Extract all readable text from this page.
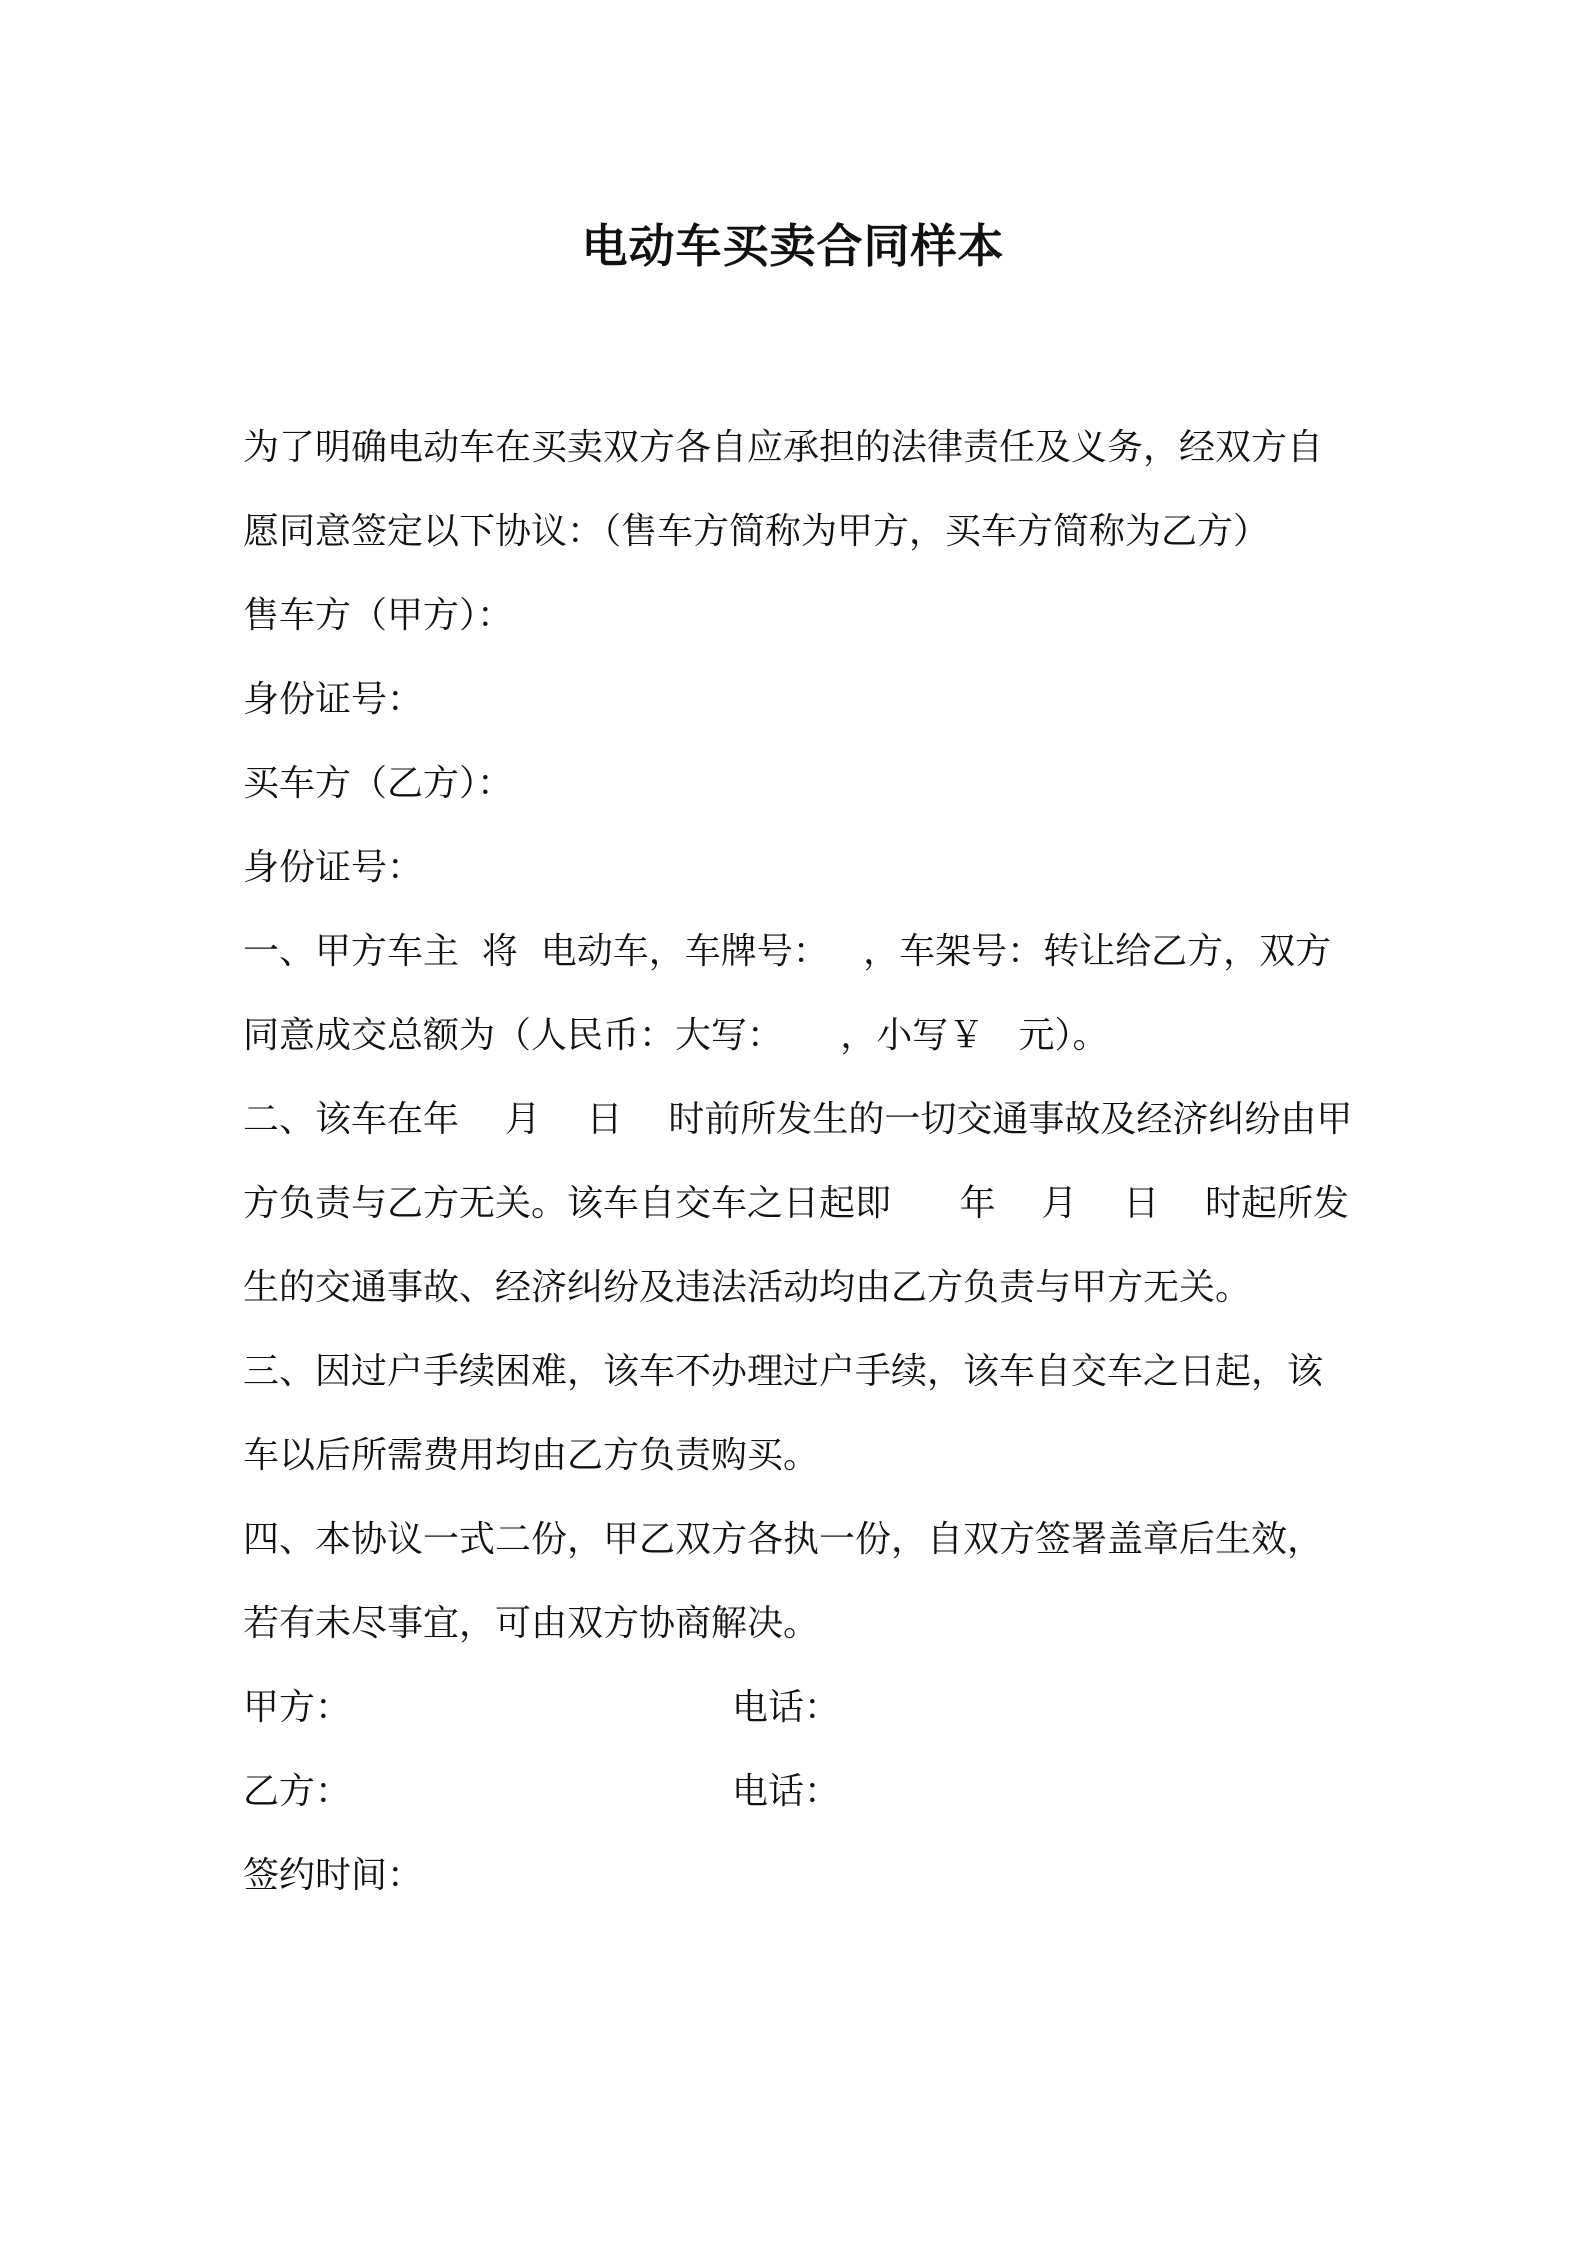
电动车买卖合同样本
为了明确电动车在买卖双方各自应承担的法律责任及义务，经双方自
愿同意签定以下协议：（售车方简称为甲方，买车方简称为乙方）
售车方（甲方）：
身份证号：
买车方（乙方）：
身份证号：
一、甲方车主  将  电动车，车牌号：   ，车架号：转让给乙方，双方
同意成交总额为（人民币：大写：     ，小写￥   元）。
二、该车在年    月    日    时前所发生的一切交通事故及经济纠纷由甲
方负责与乙方无关。该车自交车之日起即      年    月    日    时起所发
生的交通事故、经济纠纷及违法活动均由乙方负责与甲方无关。
三、因过户手续困难，该车不办理过户手续，该车自交车之日起，该
车以后所需费用均由乙方负责购买。
四、本协议一式二份，甲乙双方各执一份，自双方签署盖章后生效，
若有未尽事宜，可由双方协商解决。
甲方：	电话：
乙方：	电话：
签约时间：
